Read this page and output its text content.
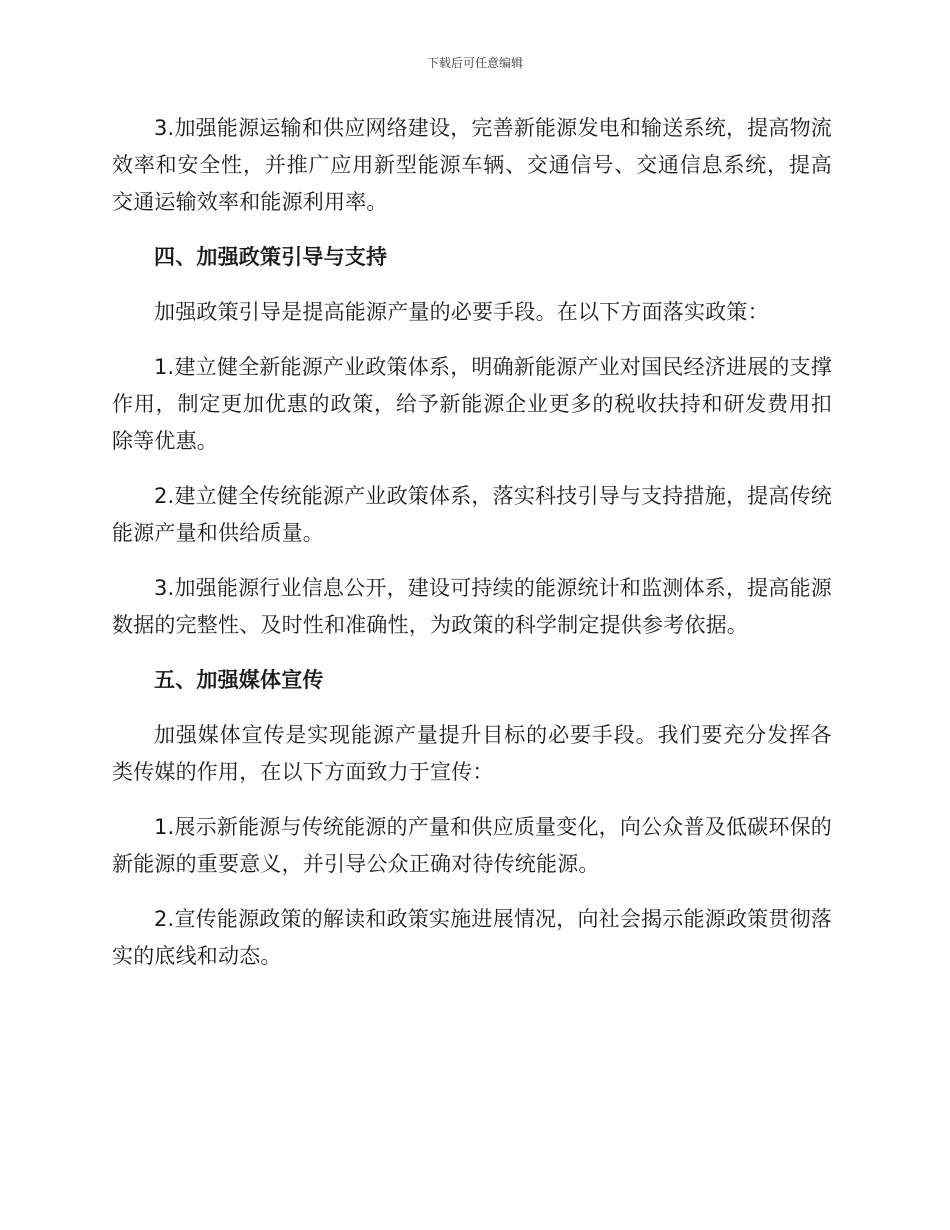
下载后可任意编辑

3.加强能源运输和供应网络建设，完善新能源发电和输送系统，提高物流效率和安全性，并推广应用新型能源车辆、交通信号、交通信息系统，提高交通运输效率和能源利用率。

四、加强政策引导与支持

加强政策引导是提高能源产量的必要手段。在以下方面落实政策：

1.建立健全新能源产业政策体系，明确新能源产业对国民经济进展的支撑作用，制定更加优惠的政策，给予新能源企业更多的税收扶持和研发费用扣除等优惠。

2.建立健全传统能源产业政策体系，落实科技引导与支持措施，提高传统能源产量和供给质量。

3.加强能源行业信息公开，建设可持续的能源统计和监测体系，提高能源数据的完整性、及时性和准确性，为政策的科学制定提供参考依据。

五、加强媒体宣传

加强媒体宣传是实现能源产量提升目标的必要手段。我们要充分发挥各类传媒的作用，在以下方面致力于宣传：

1.展示新能源与传统能源的产量和供应质量变化，向公众普及低碳环保的新能源的重要意义，并引导公众正确对待传统能源。

2.宣传能源政策的解读和政策实施进展情况，向社会揭示能源政策贯彻落实的底线和动态。
